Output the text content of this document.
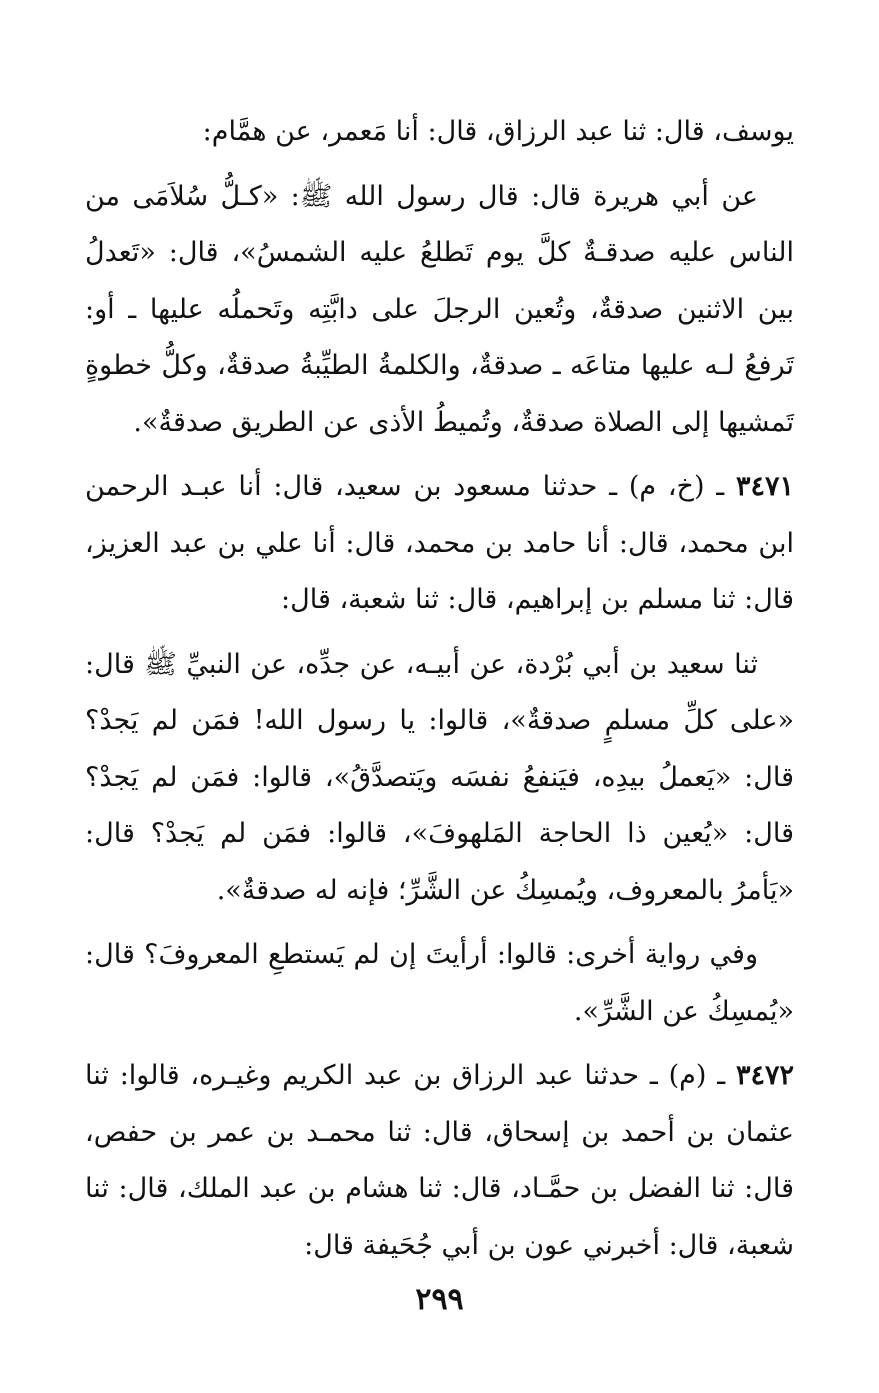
يوسف، قال: ثنا عبد الرزاق، قال: أنا مَعمر، عن همَّام:

عن أبي هريرة قال: قال رسول الله ﷺ: «كـلُّ سُلاَمَى من الناس عليه صدقـةٌ كلَّ يوم تَطلعُ عليه الشمسُ»، قال: «تَعدلُ بين الاثنين صدقةٌ، وتُعين الرجلَ على دابَّتِه وتَحملُه عليها ـ أو: تَرفعُ لـه عليها متاعَه ـ صدقةٌ، والكلمةُ الطيِّبةُ صدقةٌ، وكلُّ خطوةٍ تَمشيها إلى الصلاة صدقةٌ، وتُميطُ الأذى عن الطريق صدقةٌ».

٣٤٧١ ـ (خ، م) ـ حدثنا مسعود بن سعيد، قال: أنا عبـد الرحمن ابن محمد، قال: أنا حامد بن محمد، قال: أنا علي بن عبد العزيز، قال: ثنا مسلم بن إبراهيم، قال: ثنا شعبة، قال:

ثنا سعيد بن أبي بُرْدة، عن أبيـه، عن جدِّه، عن النبيِّ ﷺ قال: «على كلِّ مسلمٍ صدقةٌ»، قالوا: يا رسول الله! فمَن لم يَجدْ؟ قال: «يَعملُ بيدِه، فيَنفعُ نفسَه ويَتصدَّقُ»، قالوا: فمَن لم يَجدْ؟ قال: «يُعين ذا الحاجة المَلهوفَ»، قالوا: فمَن لم يَجدْ؟ قال: «يَأمرُ بالمعروف، ويُمسِكُ عن الشَّرِّ؛ فإنه له صدقةٌ».

وفي رواية أخرى: قالوا: أرأيتَ إن لم يَستطعِ المعروفَ؟ قال: «يُمسِكُ عن الشَّرِّ».

٣٤٧٢ ـ (م) ـ حدثنا عبد الرزاق بن عبد الكريم وغيـره، قالوا: ثنا عثمان بن أحمد بن إسحاق، قال: ثنا محمـد بن عمر بن حفص، قال: ثنا الفضل بن حمَّـاد، قال: ثنا هشام بن عبد الملك، قال: ثنا شعبة، قال: أخبرني عون بن أبي جُحَيفة قال:

٢٩٩
